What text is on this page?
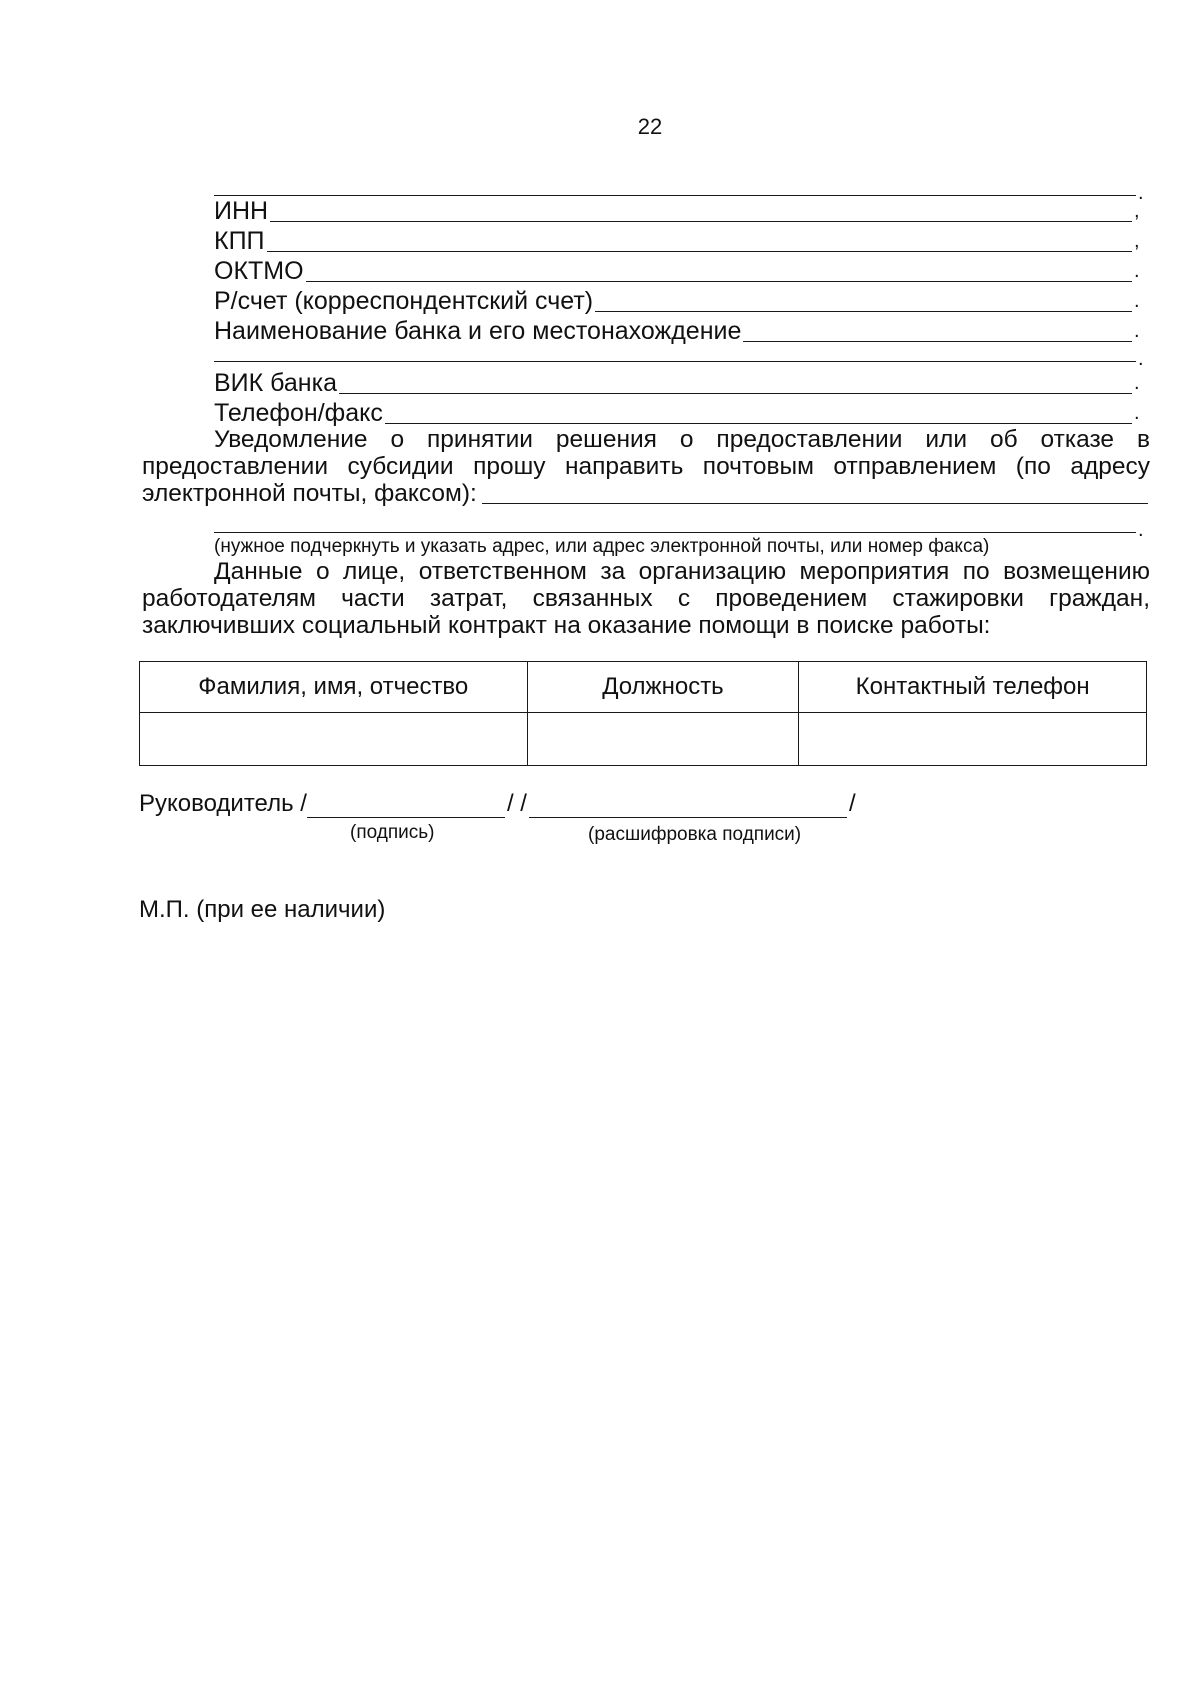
22
.
ИНН	,
КПП	,
ОКТМО	.
Р/счет (корреспондентский счет)	.
Наименование банка и его местонахождение	.
.
ВИК банка	.
Телефон/факс	.
Уведомление о принятии решения о предоставлении или об отказе в
предоставлении субсидии прошу направить почтовым отправлением (по адресу
электронной почты, факсом):
.
(нужное подчеркнуть и указать адрес, или адрес электронной почты, или номер факса)
Данные о лице, ответственном за организацию мероприятия по возмещению
работодателям части затрат, связанных с проведением стажировки граждан,
заключивших социальный контракт на оказание помощи в поиске работы:
Фамилия, имя, отчество	Должность	Контактный телефон

Руководитель /	/ /	/
(подпись)	(расшифровка подписи)
М.П. (при ее наличии)
